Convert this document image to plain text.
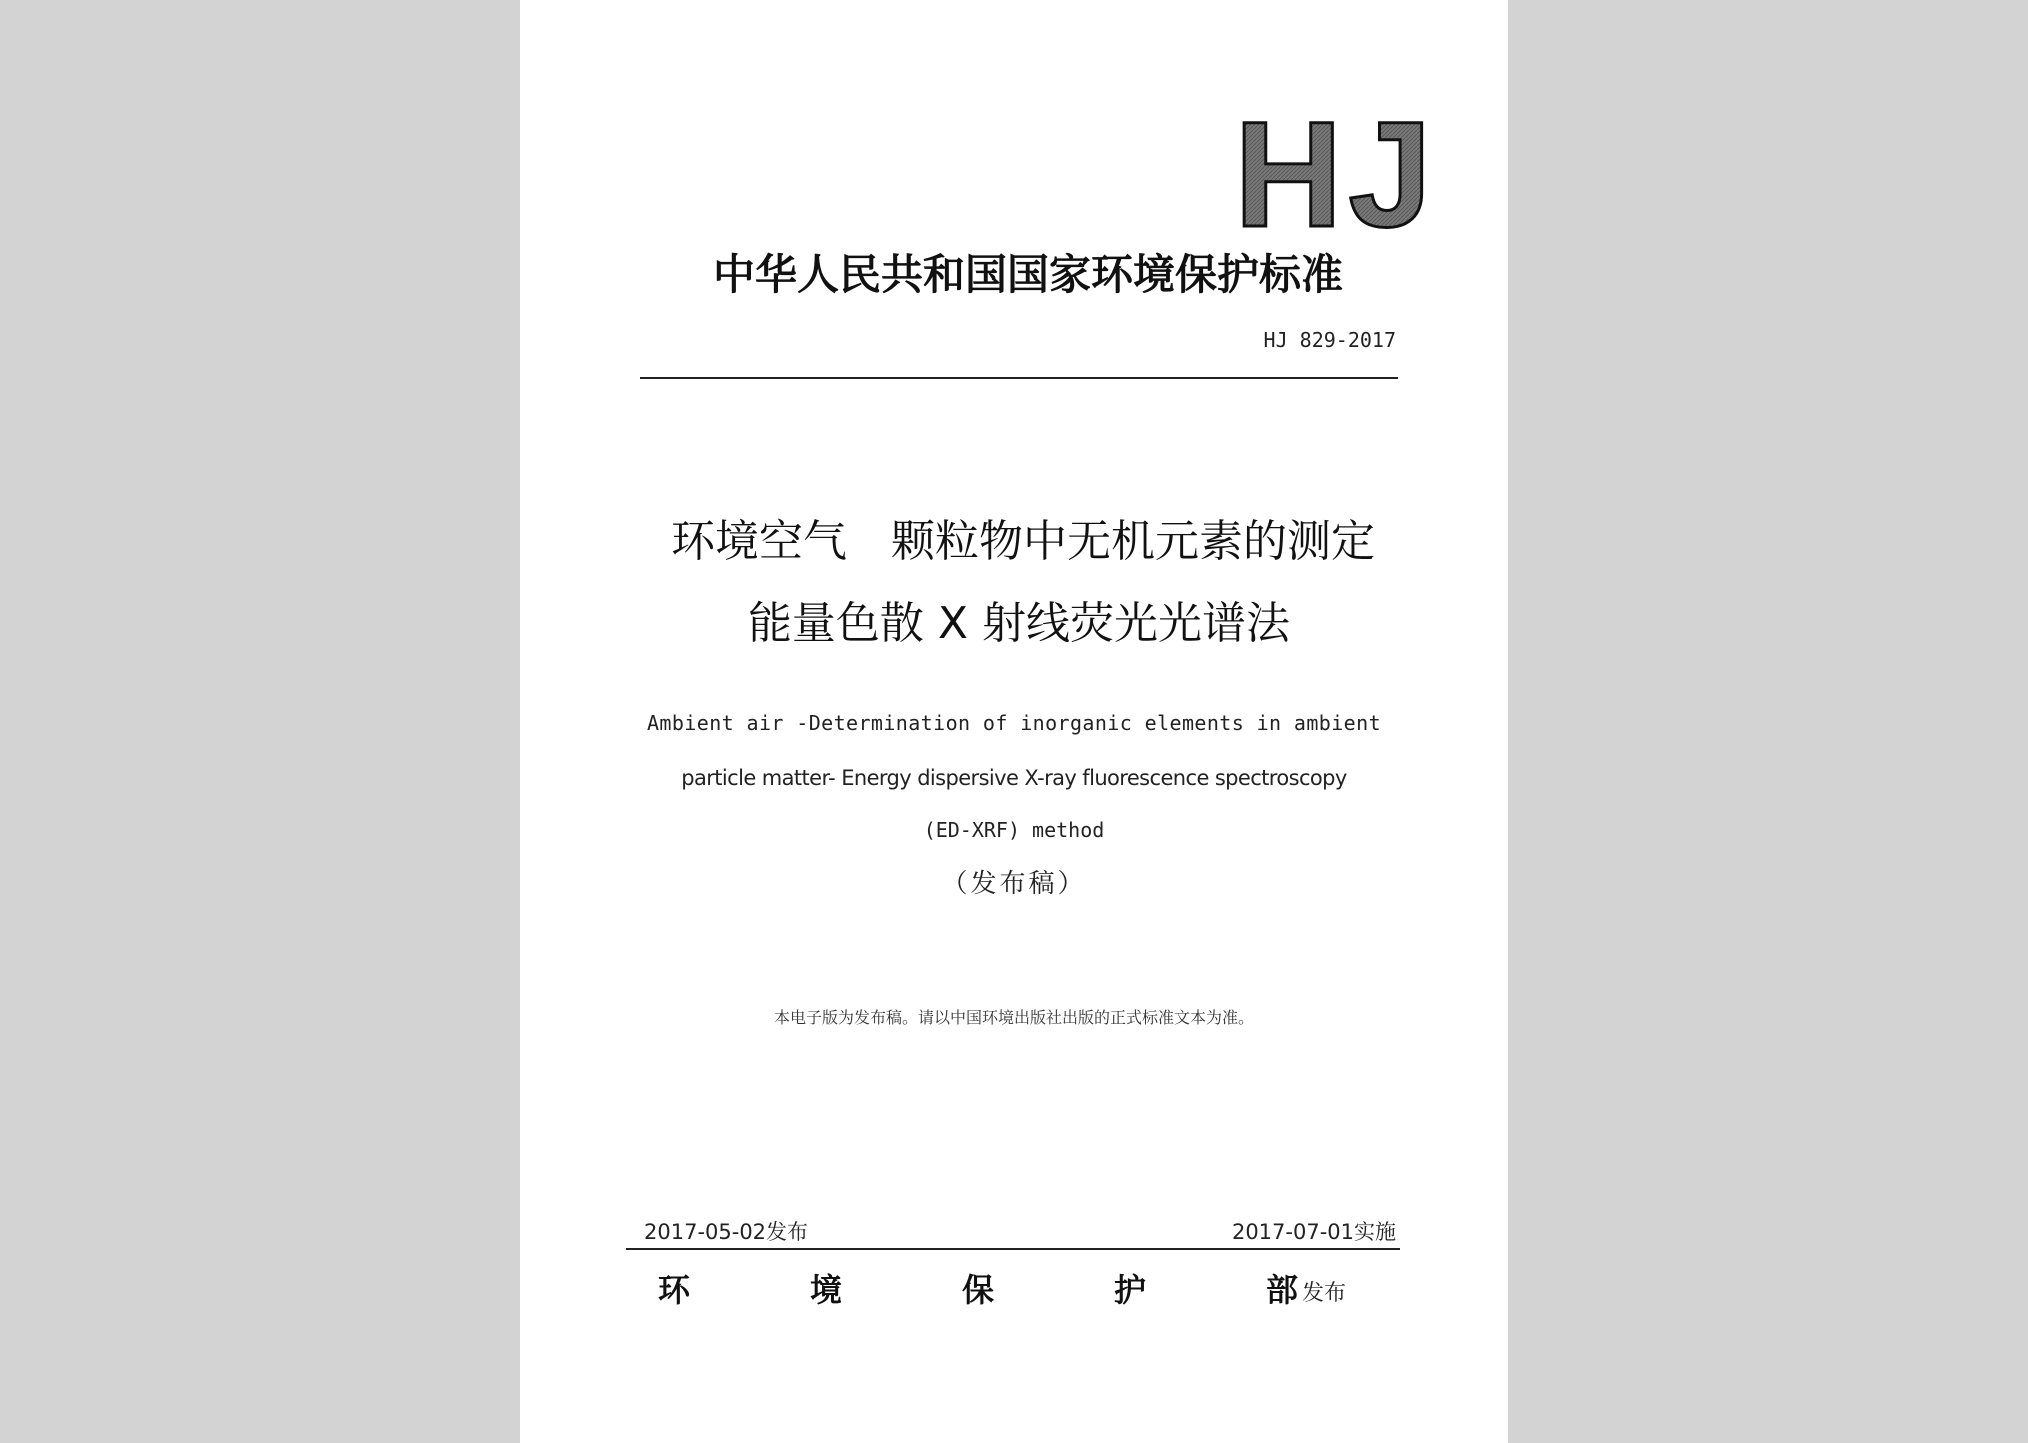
HJ
中华人民共和国国家环境保护标准
HJ 829-2017
环境空气　颗粒物中无机元素的测定
能量色散 X 射线荧光光谱法
Ambient air -Determination of inorganic elements in ambient
particle matter- Energy dispersive X-ray fluorescence spectroscopy
(ED-XRF) method
（发布稿）
本电子版为发布稿。请以中国环境出版社出版的正式标准文本为准。
2017-05-02发布	2017-07-01实施
环	境	保	护	部 发布
